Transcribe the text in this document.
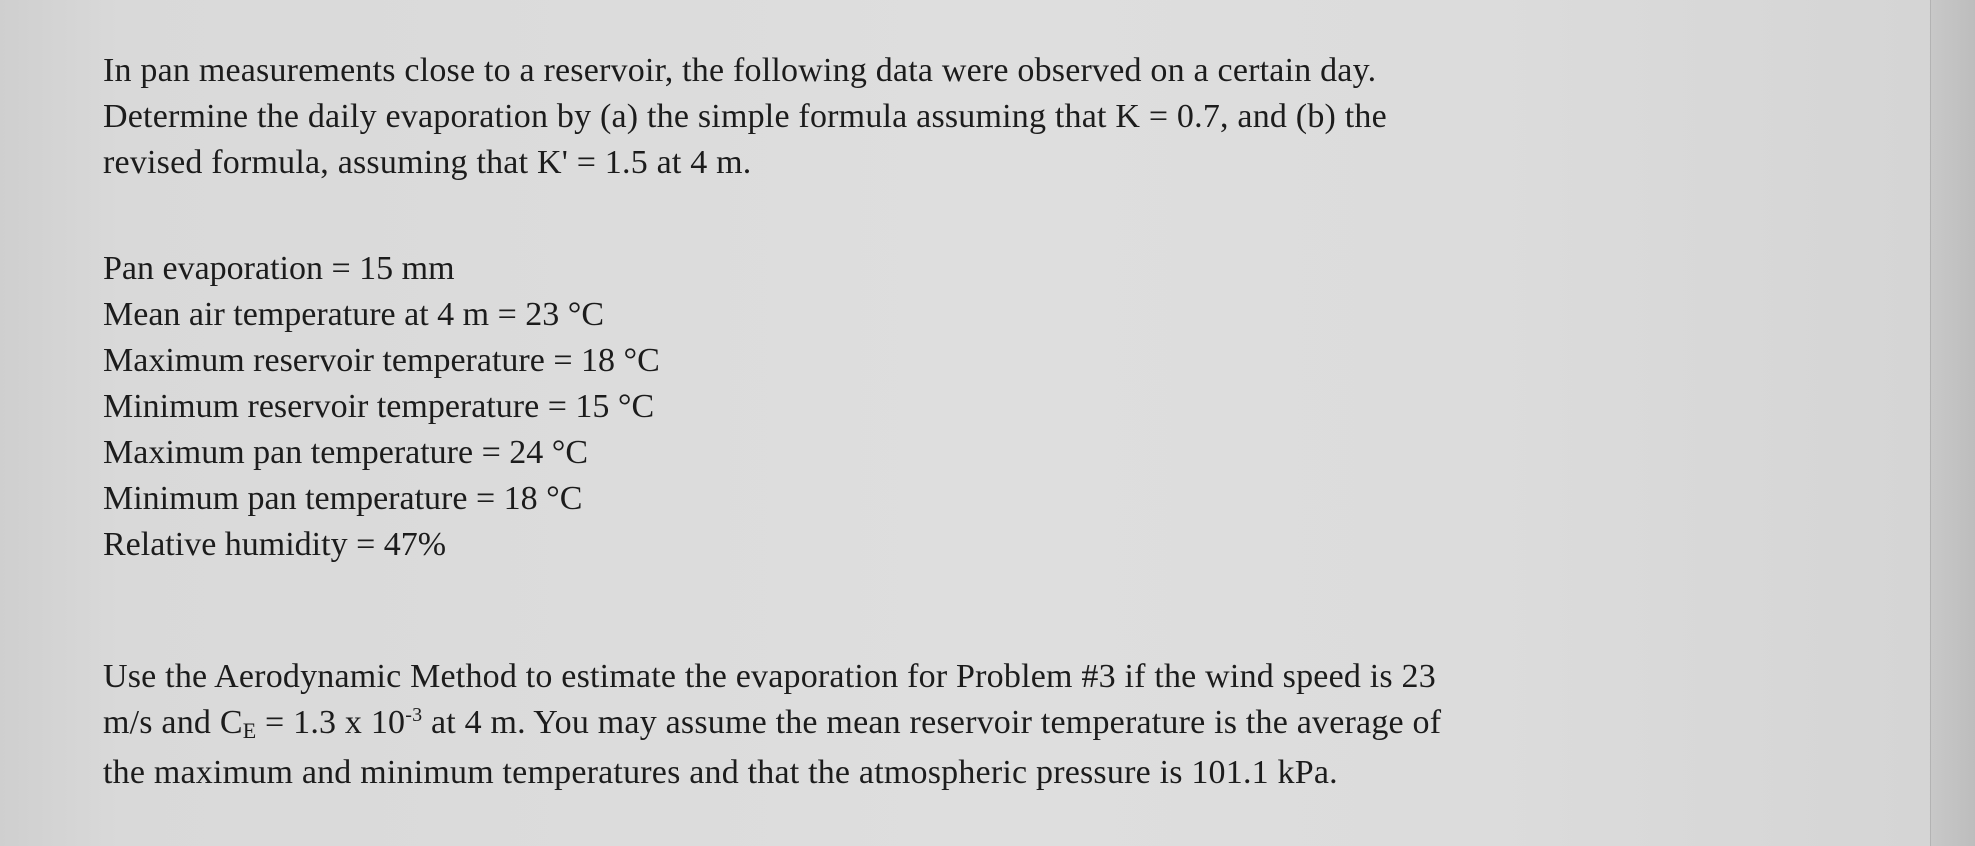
In pan measurements close to a reservoir, the following data were observed on a certain day.
Determine the daily evaporation by (a) the simple formula assuming that K = 0.7, and (b) the
revised formula, assuming that K' = 1.5 at 4 m.

Pan evaporation = 15 mm
Mean air temperature at 4 m = 23 °C
Maximum reservoir temperature = 18 °C
Minimum reservoir temperature = 15 °C
Maximum pan temperature = 24 °C
Minimum pan temperature = 18 °C
Relative humidity = 47%

Use the Aerodynamic Method to estimate the evaporation for Problem #3 if the wind speed is 23
m/s and CE = 1.3 x $10^{-3}$ at 4 m. You may assume the mean reservoir temperature is the average of
the maximum and minimum temperatures and that the atmospheric pressure is 101.1 kPa.
